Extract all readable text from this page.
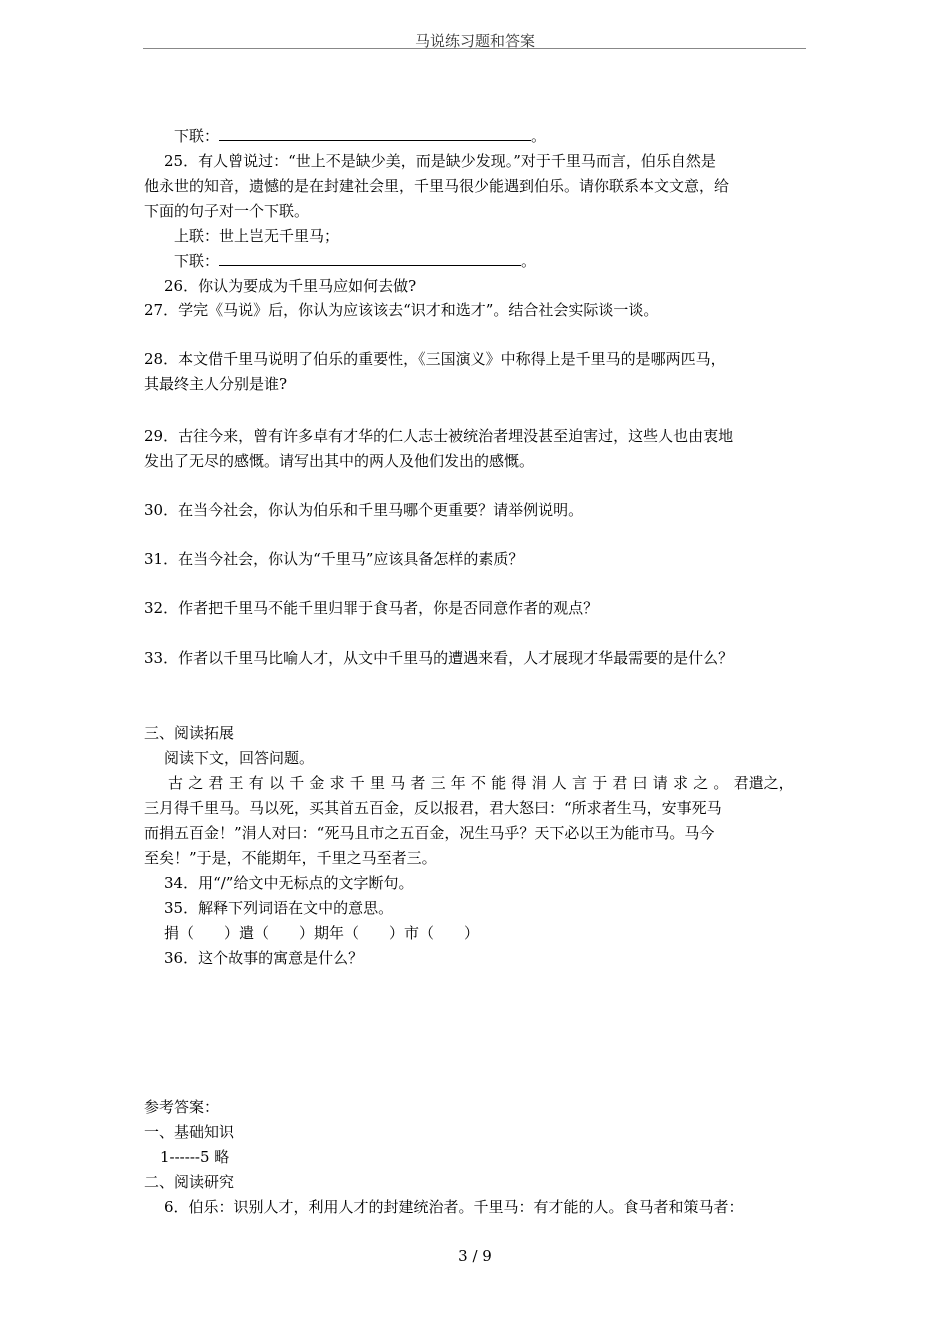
马说练习题和答案
下联：	。
25．有人曾说过：“世上不是缺少美，而是缺少发现。”对于千里马而言，伯乐自然是
他永世的知音，遗憾的是在封建社会里，千里马很少能遇到伯乐。请你联系本文文意，给
下面的句子对一个下联。
上联：世上岂无千里马；
下联：	。
26．你认为要成为千里马应如何去做?
27．学完《马说》后，你认为应该该去“识才和选才”。结合社会实际谈一谈。
28．本文借千里马说明了伯乐的重要性，《三国演义》中称得上是千里马的是哪两匹马，
其最终主人分别是谁?
29．古往今来，曾有许多卓有才华的仁人志士被统治者埋没甚至迫害过，这些人也由衷地
发出了无尽的感慨。请写出其中的两人及他们发出的感慨。
30．在当今社会，你认为伯乐和千里马哪个更重要？请举例说明。
31．在当今社会，你认为“千里马”应该具备怎样的素质？
32．作者把千里马不能千里归罪于食马者，你是否同意作者的观点？
33．作者以千里马比喻人才，从文中千里马的遭遇来看，人才展现才华最需要的是什么？
三、阅读拓展
阅读下文，回答问题。
古之君王有以千金求千里马者三年不能得涓人言于君曰请求之。君遣之，
三月得千里马。马以死，买其首五百金，反以报君，君大怒曰：“所求者生马，安事死马
而捐五百金！”涓人对曰：“死马且市之五百金，况生马乎？天下必以王为能市马。马今
至矣！”于是，不能期年，千里之马至者三。
34．用“/”给文中无标点的文字断句。
35．解释下列词语在文中的意思。
捐（　　）遣（　　）期年（　　）市（　　）
36．这个故事的寓意是什么？
参考答案：
一、基础知识
1------5 略
二、阅读研究
6．伯乐：识别人才，利用人才的封建统治者。千里马：有才能的人。食马者和策马者：
3 / 9
